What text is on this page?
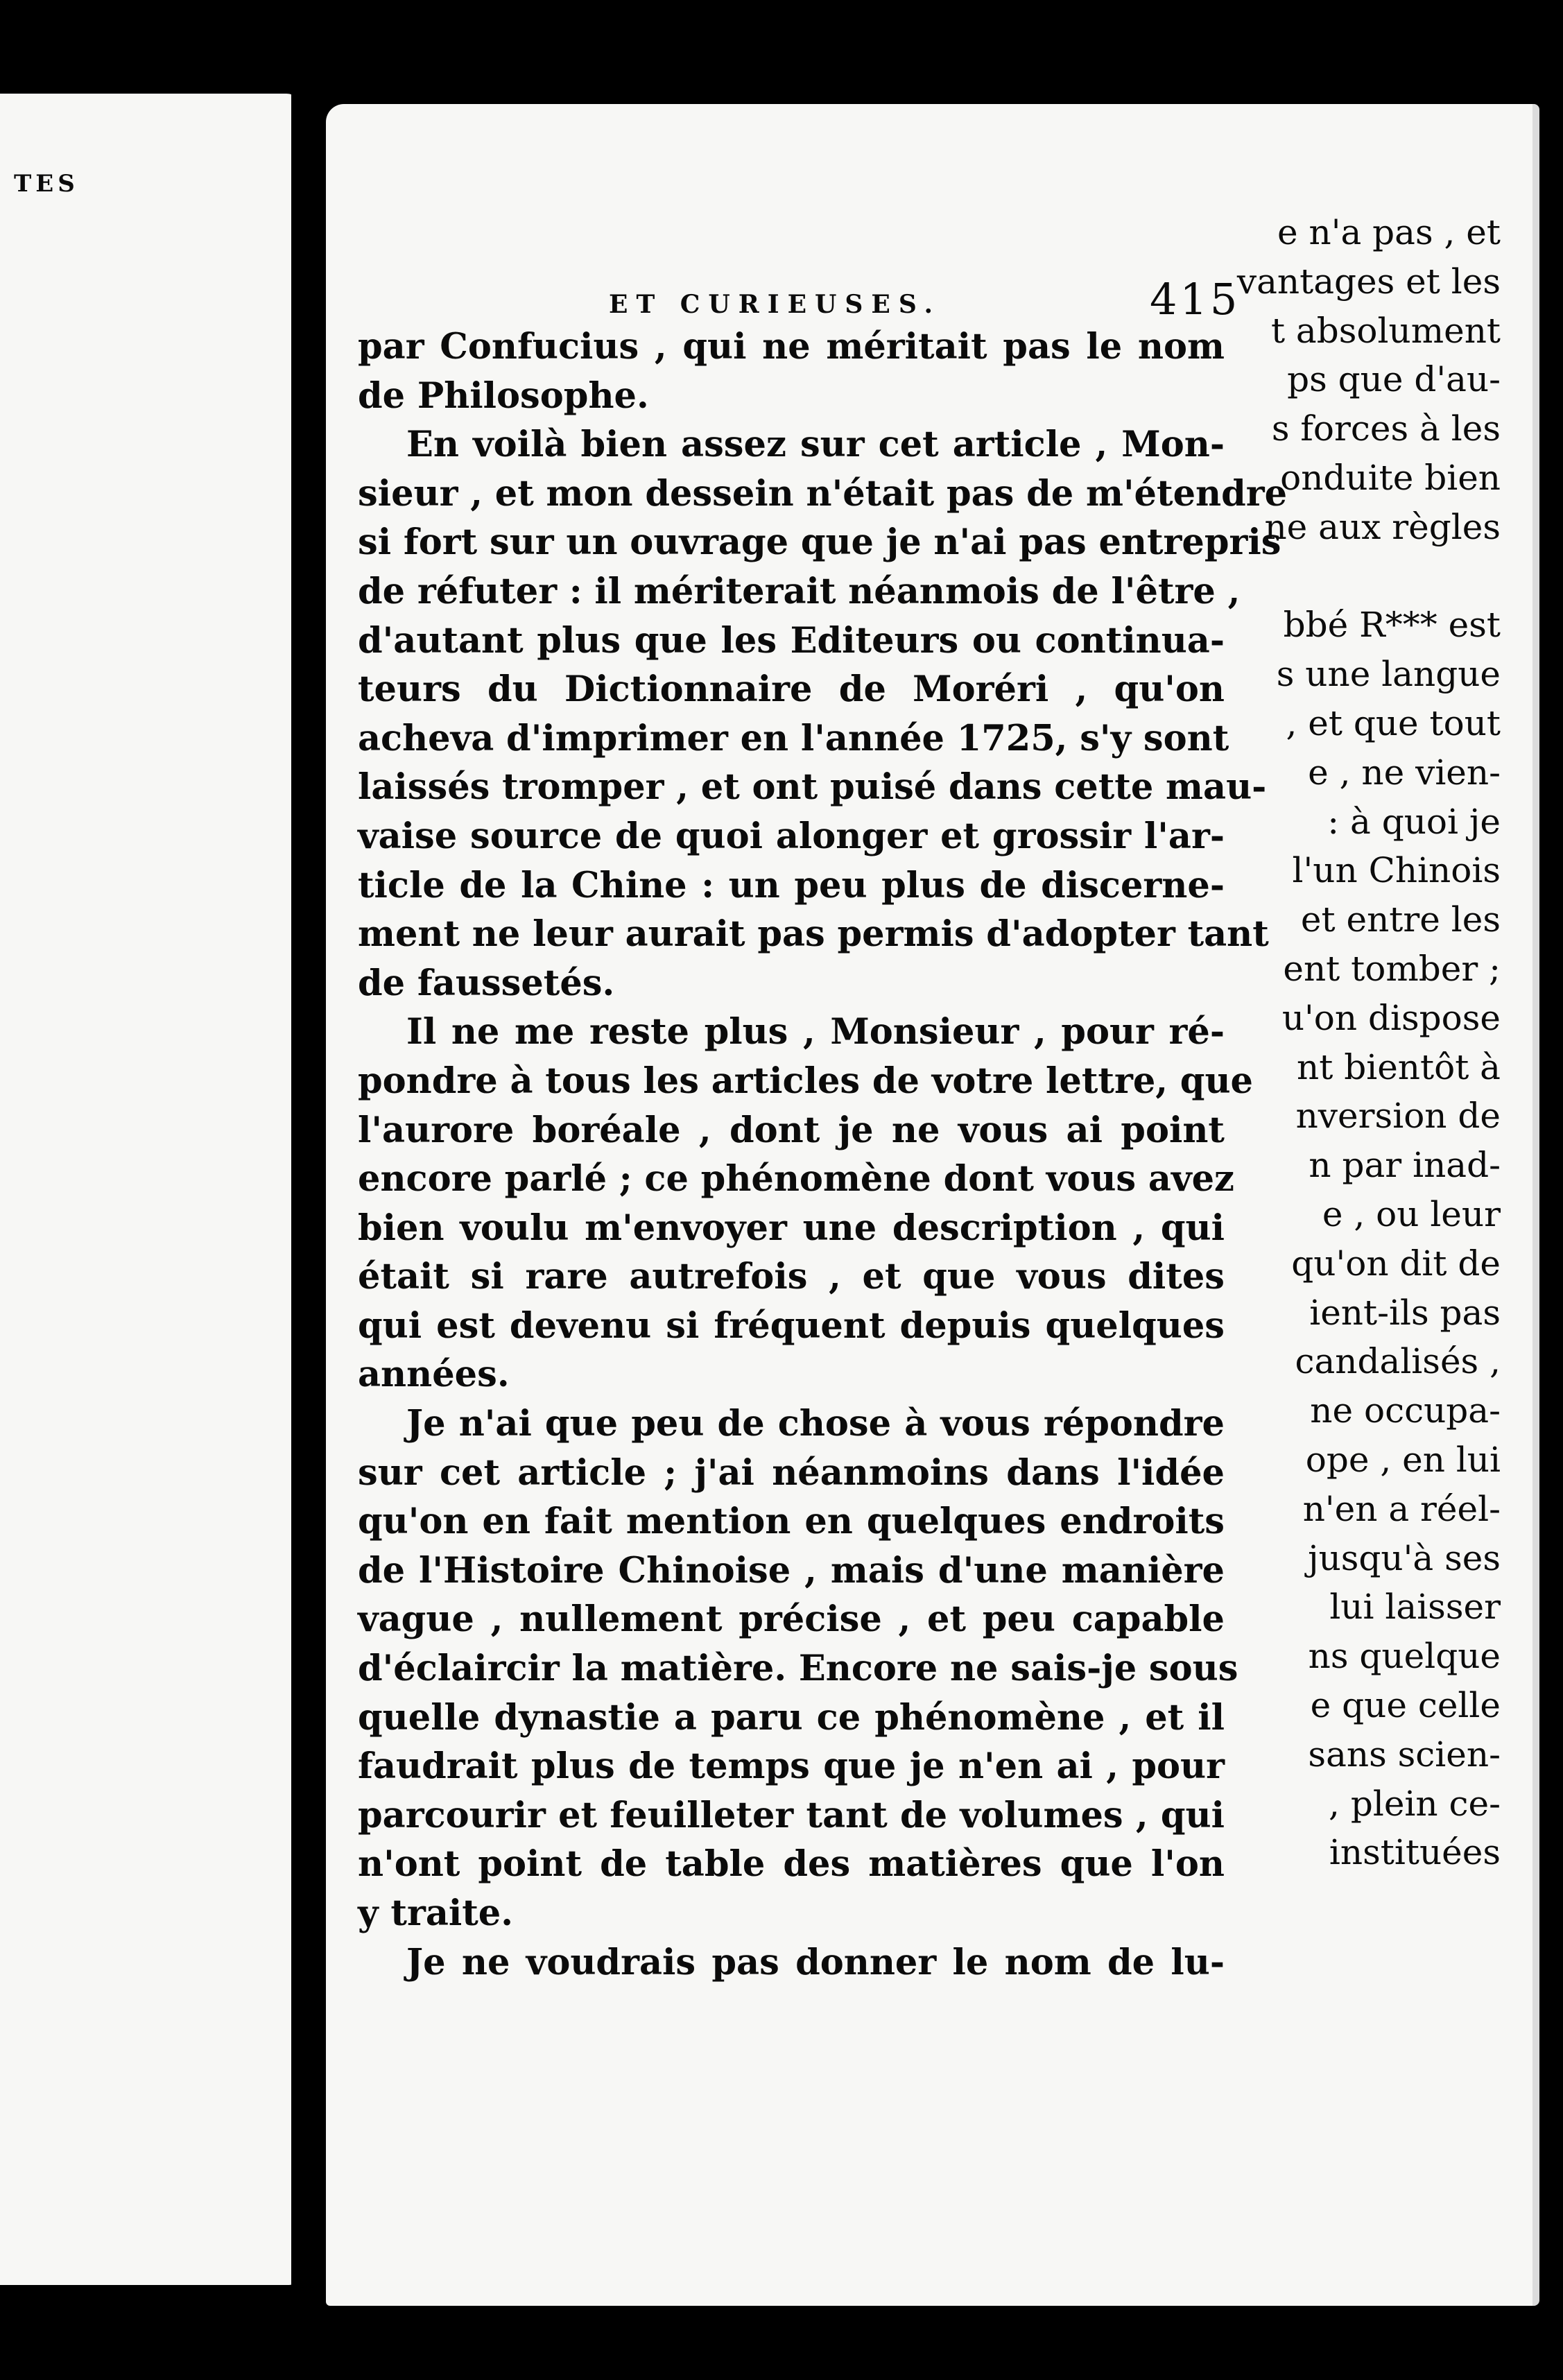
TES
e n'a pas , et
vantages et les
t absolument
ps que d'au-
s forces à les
onduite bien
ne aux règles

bbé R*** est
s une langue
, et que tout
e , ne vien-
: à quoi je
l'un Chinois
et entre les
ent tomber ;
u'on dispose
nt bientôt à
nversion de
n par inad-
e , ou leur
qu'on dit de
ient-ils pas
candalisés ,
ne occupa-
ope , en lui
n'en a réel-
jusqu'à ses
lui laisser
ns quelque
e que celle
sans scien-
, plein ce-
instituées
ET CURIEUSES.	415
par Confucius , qui ne méritait pas le nom
de Philosophe.
En voilà bien assez sur cet article , Mon-
sieur , et mon dessein n'était pas de m'étendre
si fort sur un ouvrage que je n'ai pas entrepris
de réfuter : il mériterait néanmois de l'être ,
d'autant plus que les Editeurs ou continua-
teurs du Dictionnaire de Moréri , qu'on
acheva d'imprimer en l'année 1725, s'y sont
laissés tromper , et ont puisé dans cette mau-
vaise source de quoi alonger et grossir l'ar-
ticle de la Chine : un peu plus de discerne-
ment ne leur aurait pas permis d'adopter tant
de faussetés.
Il ne me reste plus , Monsieur , pour ré-
pondre à tous les articles de votre lettre, que
l'aurore boréale , dont je ne vous ai point
encore parlé ; ce phénomène dont vous avez
bien voulu m'envoyer une description , qui
était si rare autrefois , et que vous dites
qui est devenu si fréquent depuis quelques
années.
Je n'ai que peu de chose à vous répondre
sur cet article ; j'ai néanmoins dans l'idée
qu'on en fait mention en quelques endroits
de l'Histoire Chinoise , mais d'une manière
vague , nullement précise , et peu capable
d'éclaircir la matière. Encore ne sais-je sous
quelle dynastie a paru ce phénomène , et il
faudrait plus de temps que je n'en ai , pour
parcourir et feuilleter tant de volumes , qui
n'ont point de table des matières que l'on
y traite.
Je ne voudrais pas donner le nom de lu-
